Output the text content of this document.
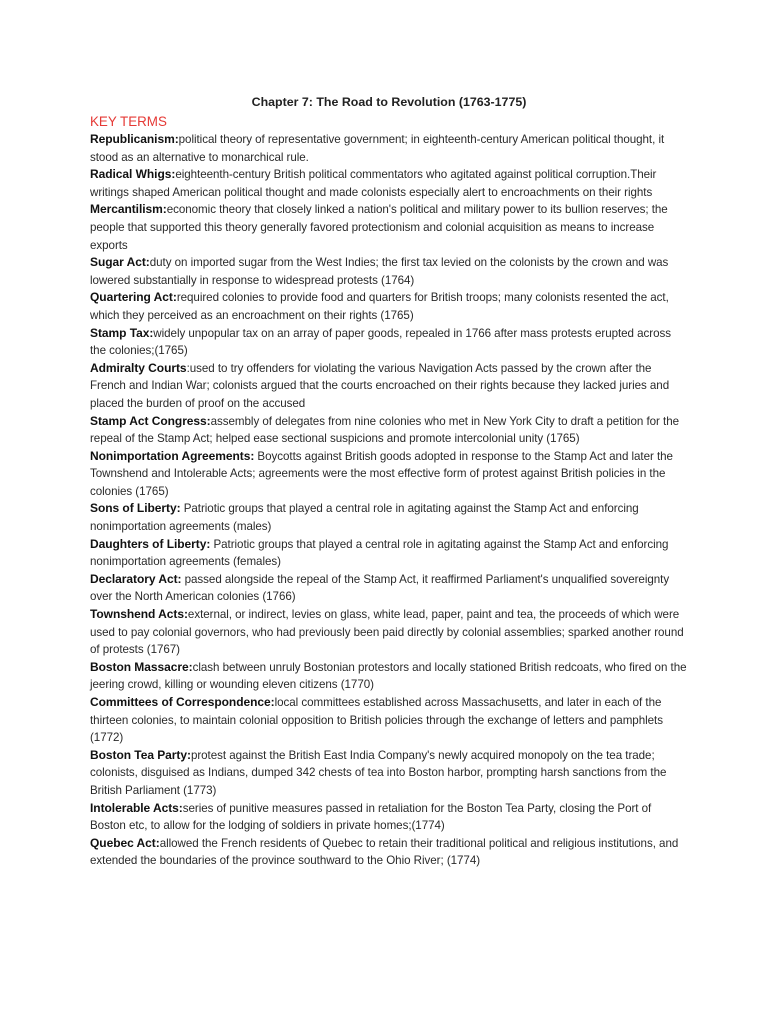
Chapter 7: The Road to Revolution (1763-1775)
KEY TERMS
Republicanism:political theory of representative government; in eighteenth-century American political thought, it stood as an alternative to monarchical rule.
Radical Whigs:eighteenth-century British political commentators who agitated against political corruption.Their writings shaped American political thought and made colonists especially alert to encroachments on their rights
Mercantilism:economic theory that closely linked a nation's political and military power to its bullion reserves; the people that supported this theory generally favored protectionism and colonial acquisition as means to increase exports
Sugar Act:duty on imported sugar from the West Indies; the first tax levied on the colonists by the crown and was lowered substantially in response to widespread protests (1764)
Quartering Act:required colonies to provide food and quarters for British troops; many colonists resented the act, which they perceived as an encroachment on their rights (1765)
Stamp Tax:widely unpopular tax on an array of paper goods, repealed in 1766 after mass protests erupted across the colonies;(1765)
Admiralty Courts:used to try offenders for violating the various Navigation Acts passed by the crown after the French and Indian War; colonists argued that the courts encroached on their rights because they lacked juries and placed the burden of proof on the accused
Stamp Act Congress:assembly of delegates from nine colonies who met in New York City to draft a petition for the repeal of the Stamp Act; helped ease sectional suspicions and promote intercolonial unity (1765)
Nonimportation Agreements: Boycotts against British goods adopted in response to the Stamp Act and later the Townshend and Intolerable Acts; agreements were the most effective form of protest against British policies in the colonies (1765)
Sons of Liberty: Patriotic groups that played a central role in agitating against the Stamp Act and enforcing nonimportation agreements (males)
Daughters of Liberty: Patriotic groups that played a central role in agitating against the Stamp Act and enforcing nonimportation agreements (females)
Declaratory Act: passed alongside the repeal of the Stamp Act, it reaffirmed Parliament's unqualified sovereignty over the North American colonies (1766)
Townshend Acts:external, or indirect, levies on glass, white lead, paper, paint and tea, the proceeds of which were used to pay colonial governors, who had previously been paid directly by colonial assemblies; sparked another round of protests (1767)
Boston Massacre:clash between unruly Bostonian protestors and locally stationed British redcoats, who fired on the jeering crowd, killing or wounding eleven citizens (1770)
Committees of Correspondence:local committees established across Massachusetts, and later in each of the thirteen colonies, to maintain colonial opposition to British policies through the exchange of letters and pamphlets (1772)
Boston Tea Party:protest against the British East India Company's newly acquired monopoly on the tea trade; colonists, disguised as Indians, dumped 342 chests of tea into Boston harbor, prompting harsh sanctions from the British Parliament (1773)
Intolerable Acts:series of punitive measures passed in retaliation for the Boston Tea Party, closing the Port of Boston etc, to allow for the lodging of soldiers in private homes;(1774)
Quebec Act:allowed the French residents of Quebec to retain their traditional political and religious institutions, and extended the boundaries of the province southward to the Ohio River; (1774)
